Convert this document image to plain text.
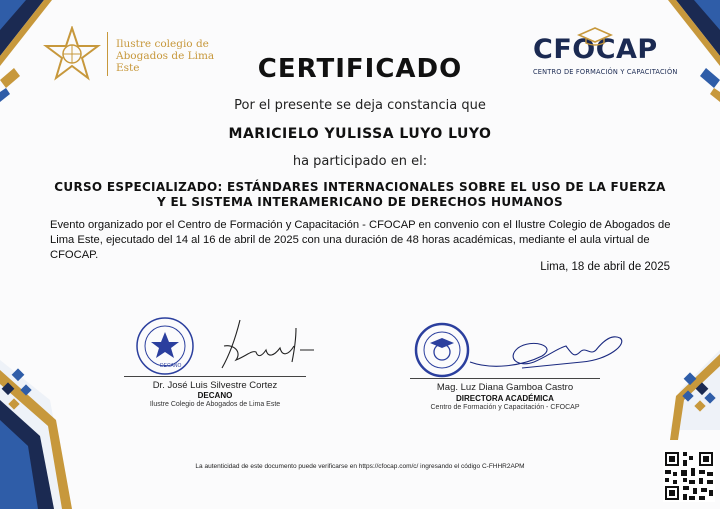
Ilustre colegio de Abogados de Lima Este
CFOCAP
CENTRO DE FORMACIÓN Y CAPACITACIÓN
CERTIFICADO
Por el presente se deja constancia que
MARICIELO YULISSA LUYO LUYO
ha participado en el:
CURSO ESPECIALIZADO: ESTÁNDARES INTERNACIONALES SOBRE EL USO DE LA FUERZA Y EL SISTEMA INTERAMERICANO DE DERECHOS HUMANOS
Evento organizado por el Centro de Formación y Capacitación - CFOCAP en convenio con el Ilustre Colegio de Abogados de Lima Este, ejecutado del 14 al 16 de abril de 2025 con una duración de 48 horas académicas, mediante el aula virtual de CFOCAP.
Lima, 18 de abril de 2025
DECANO
Dr. José Luis Silvestre Cortez
DECANO
Ilustre Colegio de Abogados de Lima Este
Mag. Luz Diana Gamboa Castro
DIRECTORA ACADÉMICA
Centro de Formación y Capacitación - CFOCAP
La autenticidad de este documento puede verificarse en https://cfocap.com/c/ ingresando el código C-FHHR2APM
